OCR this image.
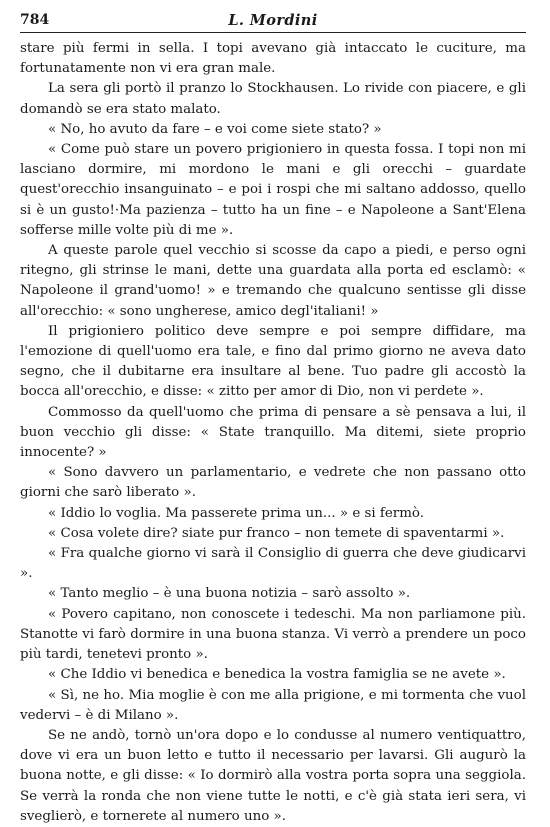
784	L. Mordini

stare più fermi in sella. I topi avevano già intaccato le cuciture, ma fortunatamente non vi era gran male.

La sera gli portò il pranzo lo Stockhausen. Lo rivide con piacere, e gli domandò se era stato malato.

« No, ho avuto da fare – e voi come siete stato? »

« Come può stare un povero prigioniero in questa fossa. I topi non mi lasciano dormire, mi mordono le mani e gli orecchi – guardate quest'orecchio insanguinato – e poi i rospi che mi saltano addosso, quello si è un gusto!·Ma pazienza – tutto ha un fine – e Napoleone a Sant'Elena sofferse mille volte più di me ».

A queste parole quel vecchio si scosse da capo a piedi, e perso ogni ritegno, gli strinse le mani, dette una guardata alla porta ed esclamò: « Napoleone il grand'uomo! » e tremando che qualcuno sentisse gli disse all'orecchio: « sono ungherese, amico degl'italiani! »

Il prigioniero politico deve sempre e poi sempre diffidare, ma l'emozione di quell'uomo era tale, e fino dal primo giorno ne aveva dato segno, che il dubitarne era insultare al bene. Tuo padre gli accostò la bocca all'orecchio, e disse: « zitto per amor di Dio, non vi perdete ».

Commosso da quell'uomo che prima di pensare a sè pensava a lui, il buon vecchio gli disse: « State tranquillo. Ma ditemi, siete proprio innocente? »

« Sono davvero un parlamentario, e vedrete che non passano otto giorni che sarò liberato ».

« Iddio lo voglia. Ma passerete prima un... » e si fermò.

« Cosa volete dire? siate pur franco – non temete di spaventarmi ».

« Fra qualche giorno vi sarà il Consiglio di guerra che deve giudicarvi ».

« Tanto meglio – è una buona notizia – sarò assolto ».

« Povero capitano, non conoscete i tedeschi. Ma non parliamone più. Stanotte vi farò dormire in una buona stanza. Vi verrò a prendere un poco più tardi, tenetevi pronto ».

« Che Iddio vi benedica e benedica la vostra famiglia se ne avete ».

« Sì, ne ho. Mia moglie è con me alla prigione, e mi tormenta che vuol vedervi – è di Milano ».

Se ne andò, tornò un'ora dopo e lo condusse al numero ventiquattro, dove vi era un buon letto e tutto il necessario per lavarsi. Gli augurò la buona notte, e gli disse: « Io dormirò alla vostra porta sopra una seggiola. Se verrà la ronda che non viene tutte le notti, e c'è già stata ieri sera, vi sveglierò, e tornerete al numero uno ».
